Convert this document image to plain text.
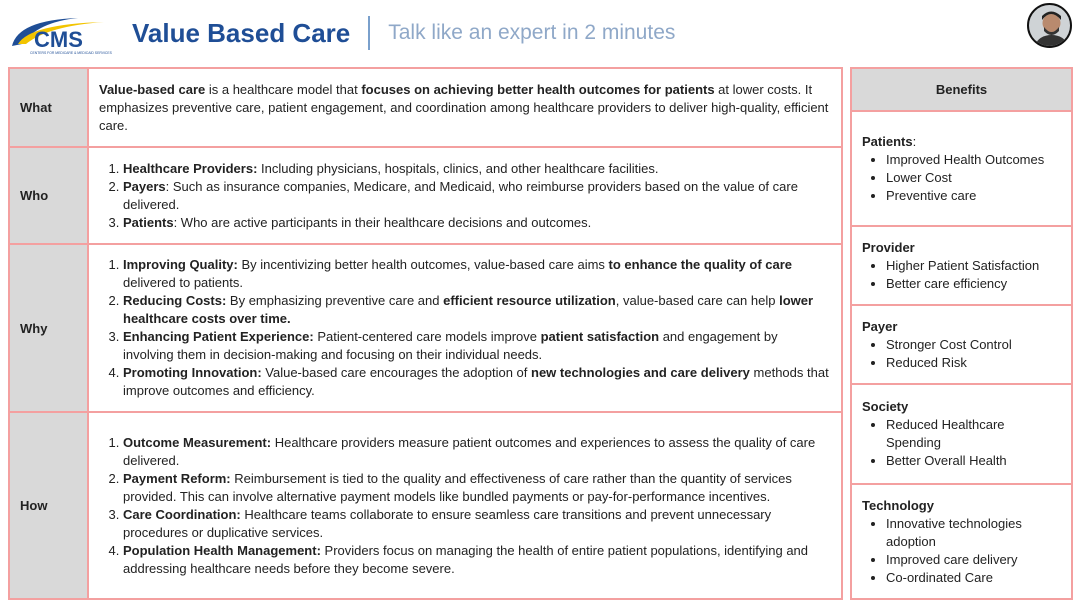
CMS
CENTERS FOR MEDICARE & MEDICAID SERVICES
Value Based Care Talk like an expert in 2 minutes
What

Value-based care is a healthcare model that focuses on achieving better health outcomes for patients at lower costs. It emphasizes preventive care, patient engagement, and coordination among healthcare providers to deliver high-quality, efficient care.

Who
1. Healthcare Providers: Including physicians, hospitals, clinics, and other healthcare facilities.
2. Payers: Such as insurance companies, Medicare, and Medicaid, who reimburse providers based on the value of care delivered.
3. Patients: Who are active participants in their healthcare decisions and outcomes.
Why
1. Improving Quality: By incentivizing better health outcomes, value-based care aims to enhance the quality of care delivered to patients.
2. Reducing Costs: By emphasizing preventive care and efficient resource utilization, value-based care can help lower healthcare costs over time.
3. Enhancing Patient Experience: Patient-centered care models improve patient satisfaction and engagement by involving them in decision-making and focusing on their individual needs.
4. Promoting Innovation: Value-based care encourages the adoption of new technologies and care delivery methods that improve outcomes and efficiency.
How
1. Outcome Measurement: Healthcare providers measure patient outcomes and experiences to assess the quality of care delivered.
2. Payment Reform: Reimbursement is tied to the quality and effectiveness of care rather than the quantity of services provided. This can involve alternative payment models like bundled payments or pay-for-performance incentives.
3. Care Coordination: Healthcare teams collaborate to ensure seamless care transitions and prevent unnecessary procedures or duplicative services.
4. Population Health Management: Providers focus on managing the health of entire patient populations, identifying and addressing healthcare needs before they become severe.
Benefits
Patients:
• Improved Health Outcomes
• Lower Cost
• Preventive care
Provider
• Higher Patient Satisfaction
• Better care efficiency
Payer
• Stronger Cost Control
• Reduced Risk
Society
• Reduced Healthcare Spending
• Better Overall Health
Technology
• Innovative technologies adoption
• Improved care delivery
• Co-ordinated Care
